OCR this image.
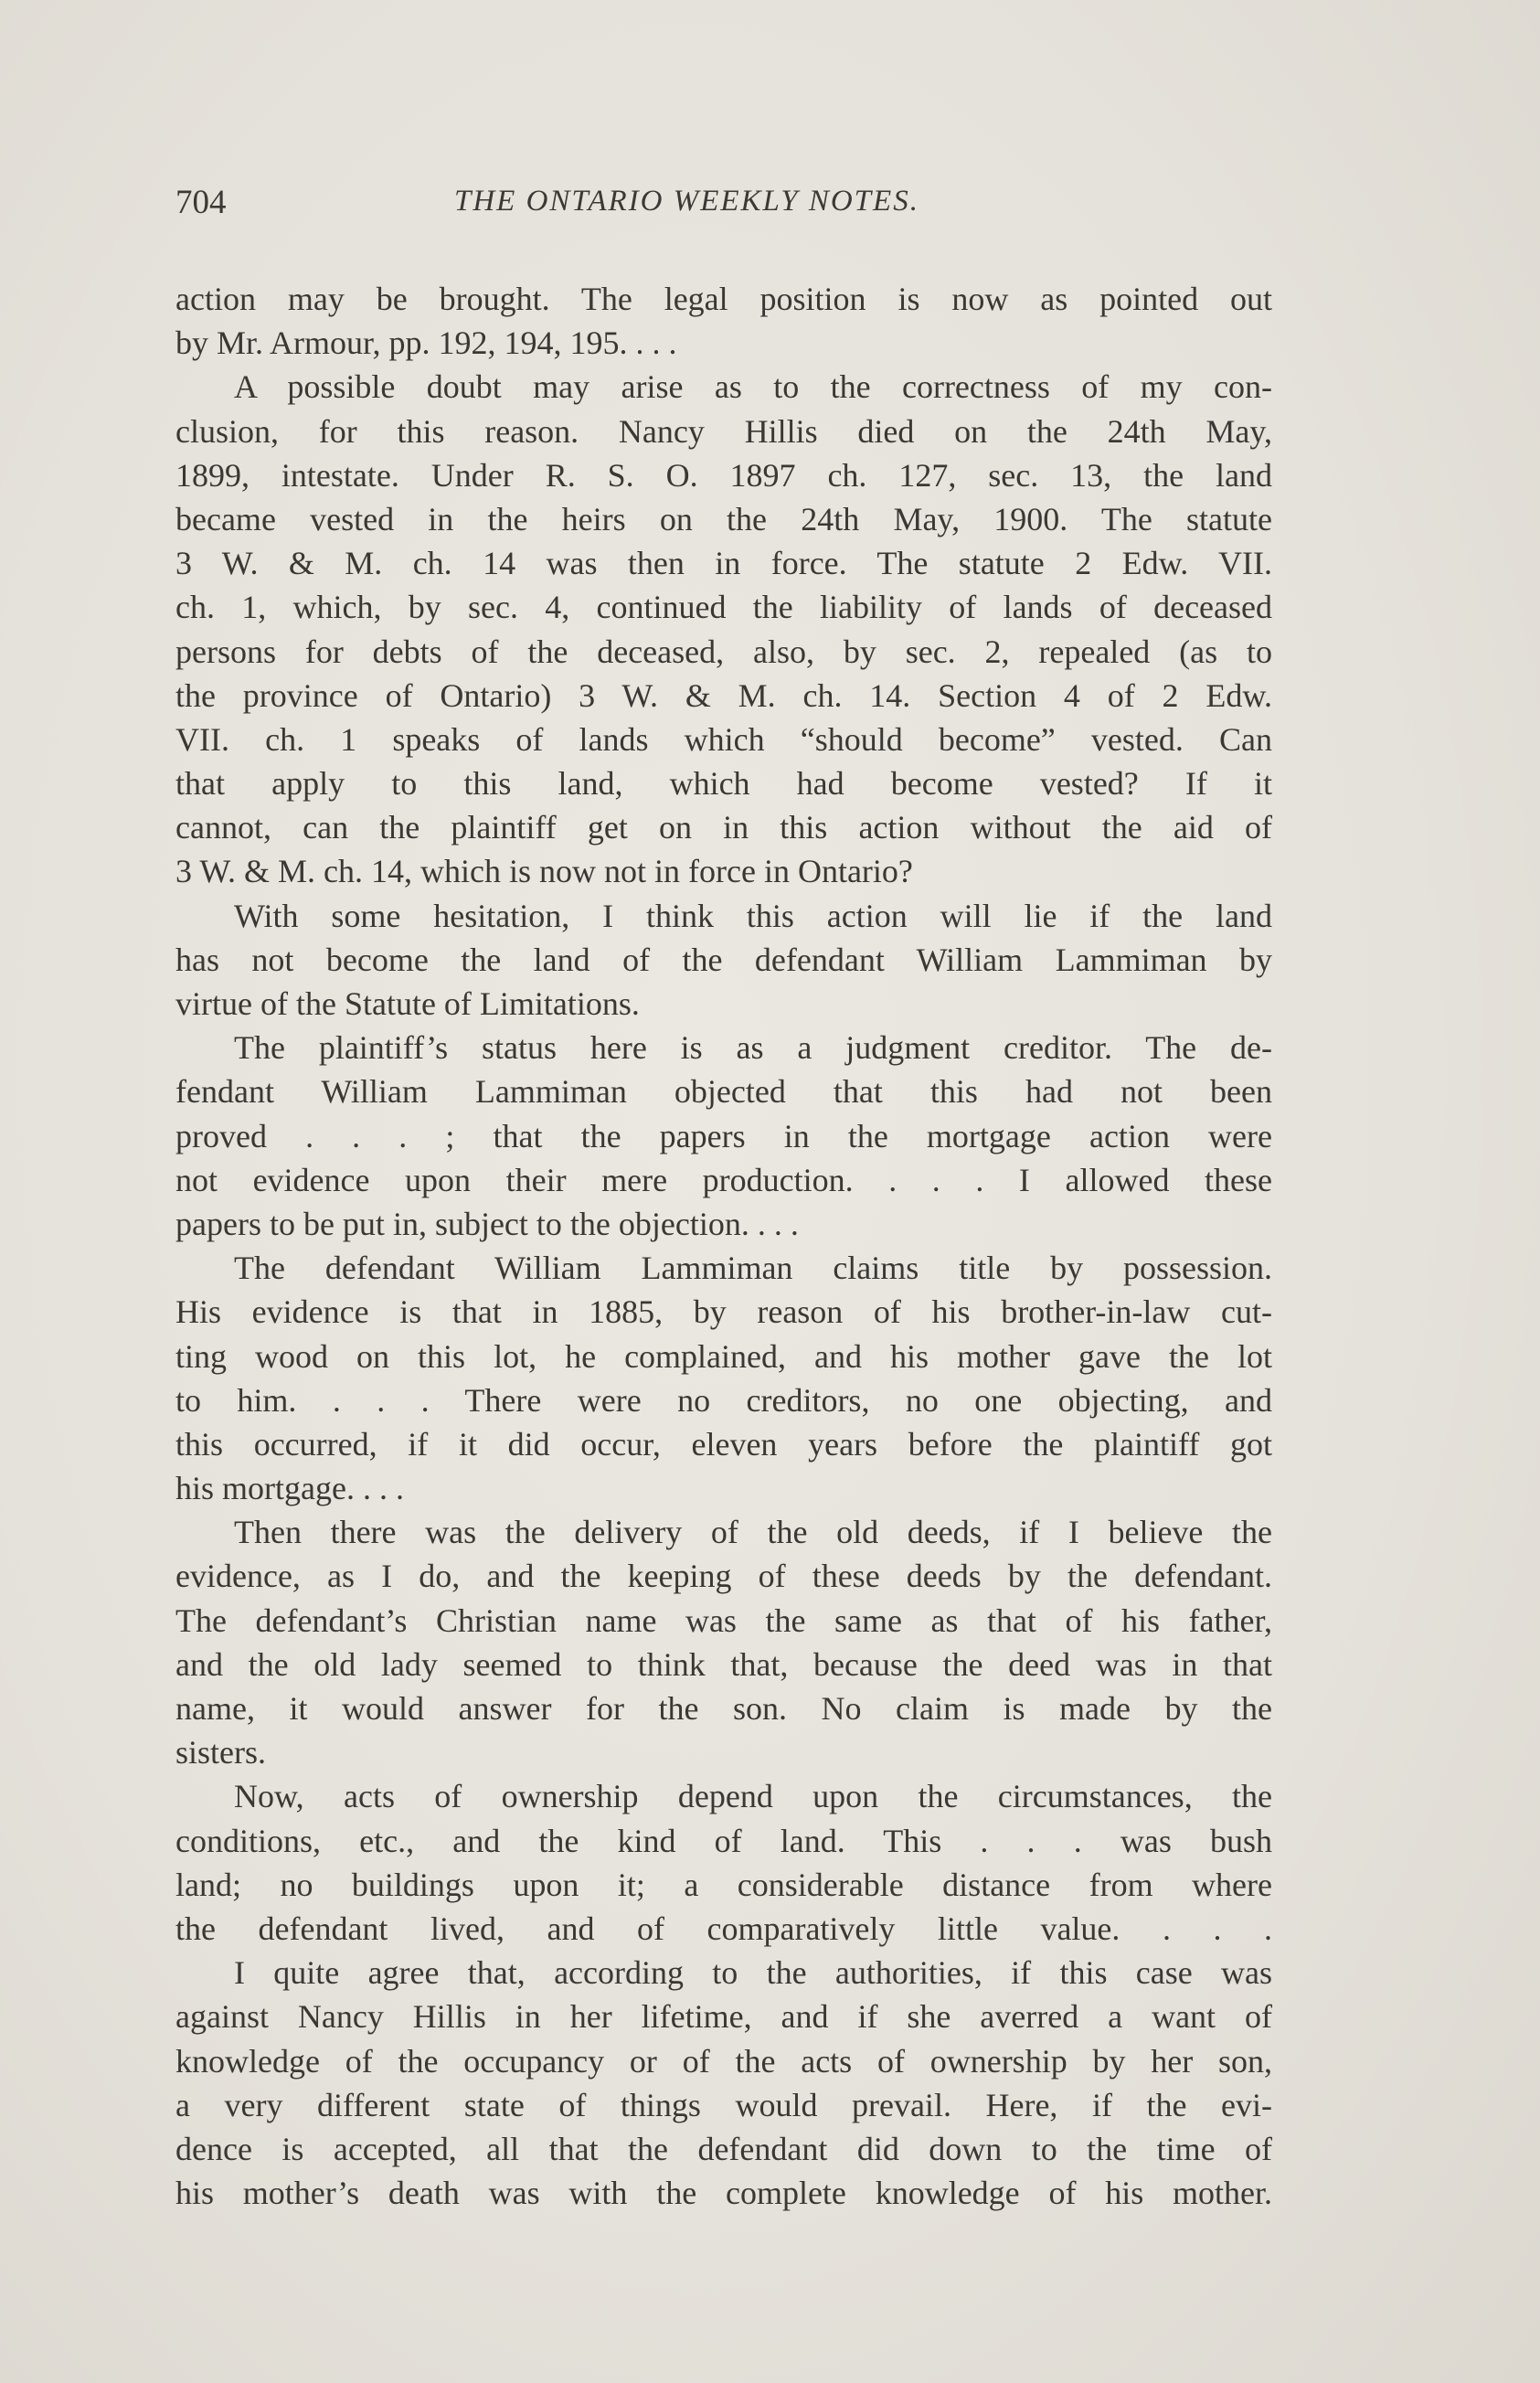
704	THE ONTARIO WEEKLY NOTES.
action may be brought. The legal position is now as pointed out
by Mr. Armour, pp. 192, 194, 195. . . .
A possible doubt may arise as to the correctness of my con-
clusion, for this reason. Nancy Hillis died on the 24th May,
1899, intestate. Under R. S. O. 1897 ch. 127, sec. 13, the land
became vested in the heirs on the 24th May, 1900. The statute
3 W. & M. ch. 14 was then in force. The statute 2 Edw. VII.
ch. 1, which, by sec. 4, continued the liability of lands of deceased
persons for debts of the deceased, also, by sec. 2, repealed (as to
the province of Ontario) 3 W. & M. ch. 14. Section 4 of 2 Edw.
VII. ch. 1 speaks of lands which “should become” vested. Can
that apply to this land, which had become vested? If it
cannot, can the plaintiff get on in this action without the aid of
3 W. & M. ch. 14, which is now not in force in Ontario?
With some hesitation, I think this action will lie if the land
has not become the land of the defendant William Lammiman by
virtue of the Statute of Limitations.
The plaintiff’s status here is as a judgment creditor. The de-
fendant William Lammiman objected that this had not been
proved . . . ; that the papers in the mortgage action were
not evidence upon their mere production. . . . I allowed these
papers to be put in, subject to the objection. . . .
The defendant William Lammiman claims title by possession.
His evidence is that in 1885, by reason of his brother-in-law cut-
ting wood on this lot, he complained, and his mother gave the lot
to him. . . . There were no creditors, no one objecting, and
this occurred, if it did occur, eleven years before the plaintiff got
his mortgage. . . .
Then there was the delivery of the old deeds, if I believe the
evidence, as I do, and the keeping of these deeds by the defendant.
The defendant’s Christian name was the same as that of his father,
and the old lady seemed to think that, because the deed was in that
name, it would answer for the son. No claim is made by the
sisters.
Now, acts of ownership depend upon the circumstances, the
conditions, etc., and the kind of land. This . . . was bush
land; no buildings upon it; a considerable distance from where
the defendant lived, and of comparatively little value. . . .
I quite agree that, according to the authorities, if this case was
against Nancy Hillis in her lifetime, and if she averred a want of
knowledge of the occupancy or of the acts of ownership by her son,
a very different state of things would prevail. Here, if the evi-
dence is accepted, all that the defendant did down to the time of
his mother’s death was with the complete knowledge of his mother.
